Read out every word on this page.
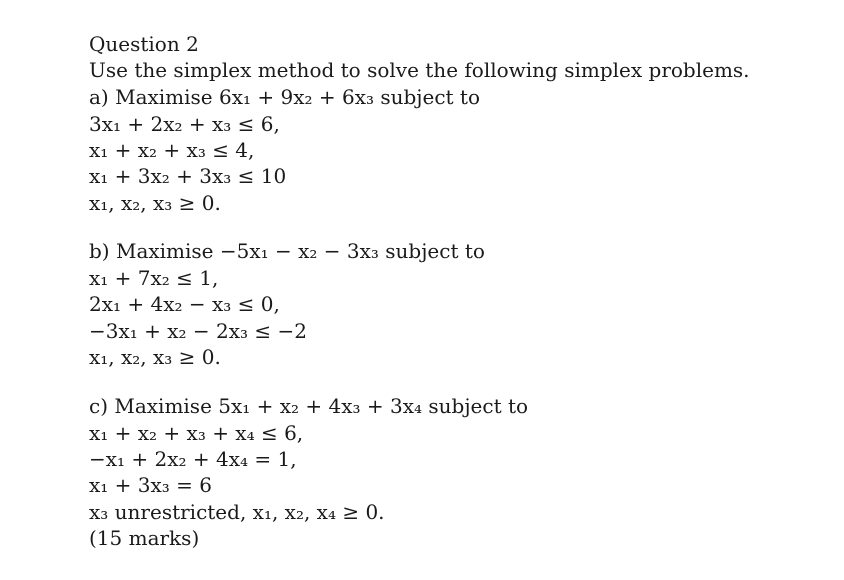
Question 2
Use the simplex method to solve the following simplex problems.
a) Maximise 6x₁ + 9x₂ + 6x₃ subject to
3x₁ + 2x₂ + x₃ ≤ 6,
x₁ + x₂ + x₃ ≤ 4,
x₁ + 3x₂ + 3x₃ ≤ 10
x₁, x₂, x₃ ≥ 0.
b) Maximise −5x₁ − x₂ − 3x₃ subject to
x₁ + 7x₂ ≤ 1,
2x₁ + 4x₂ − x₃ ≤ 0,
−3x₁ + x₂ − 2x₃ ≤ −2
x₁, x₂, x₃ ≥ 0.
c) Maximise 5x₁ + x₂ + 4x₃ + 3x₄ subject to
x₁ + x₂ + x₃ + x₄ ≤ 6,
−x₁ + 2x₂ + 4x₄ = 1,
x₁ + 3x₃ = 6
x₃ unrestricted, x₁, x₂, x₄ ≥ 0.
(15 marks)
